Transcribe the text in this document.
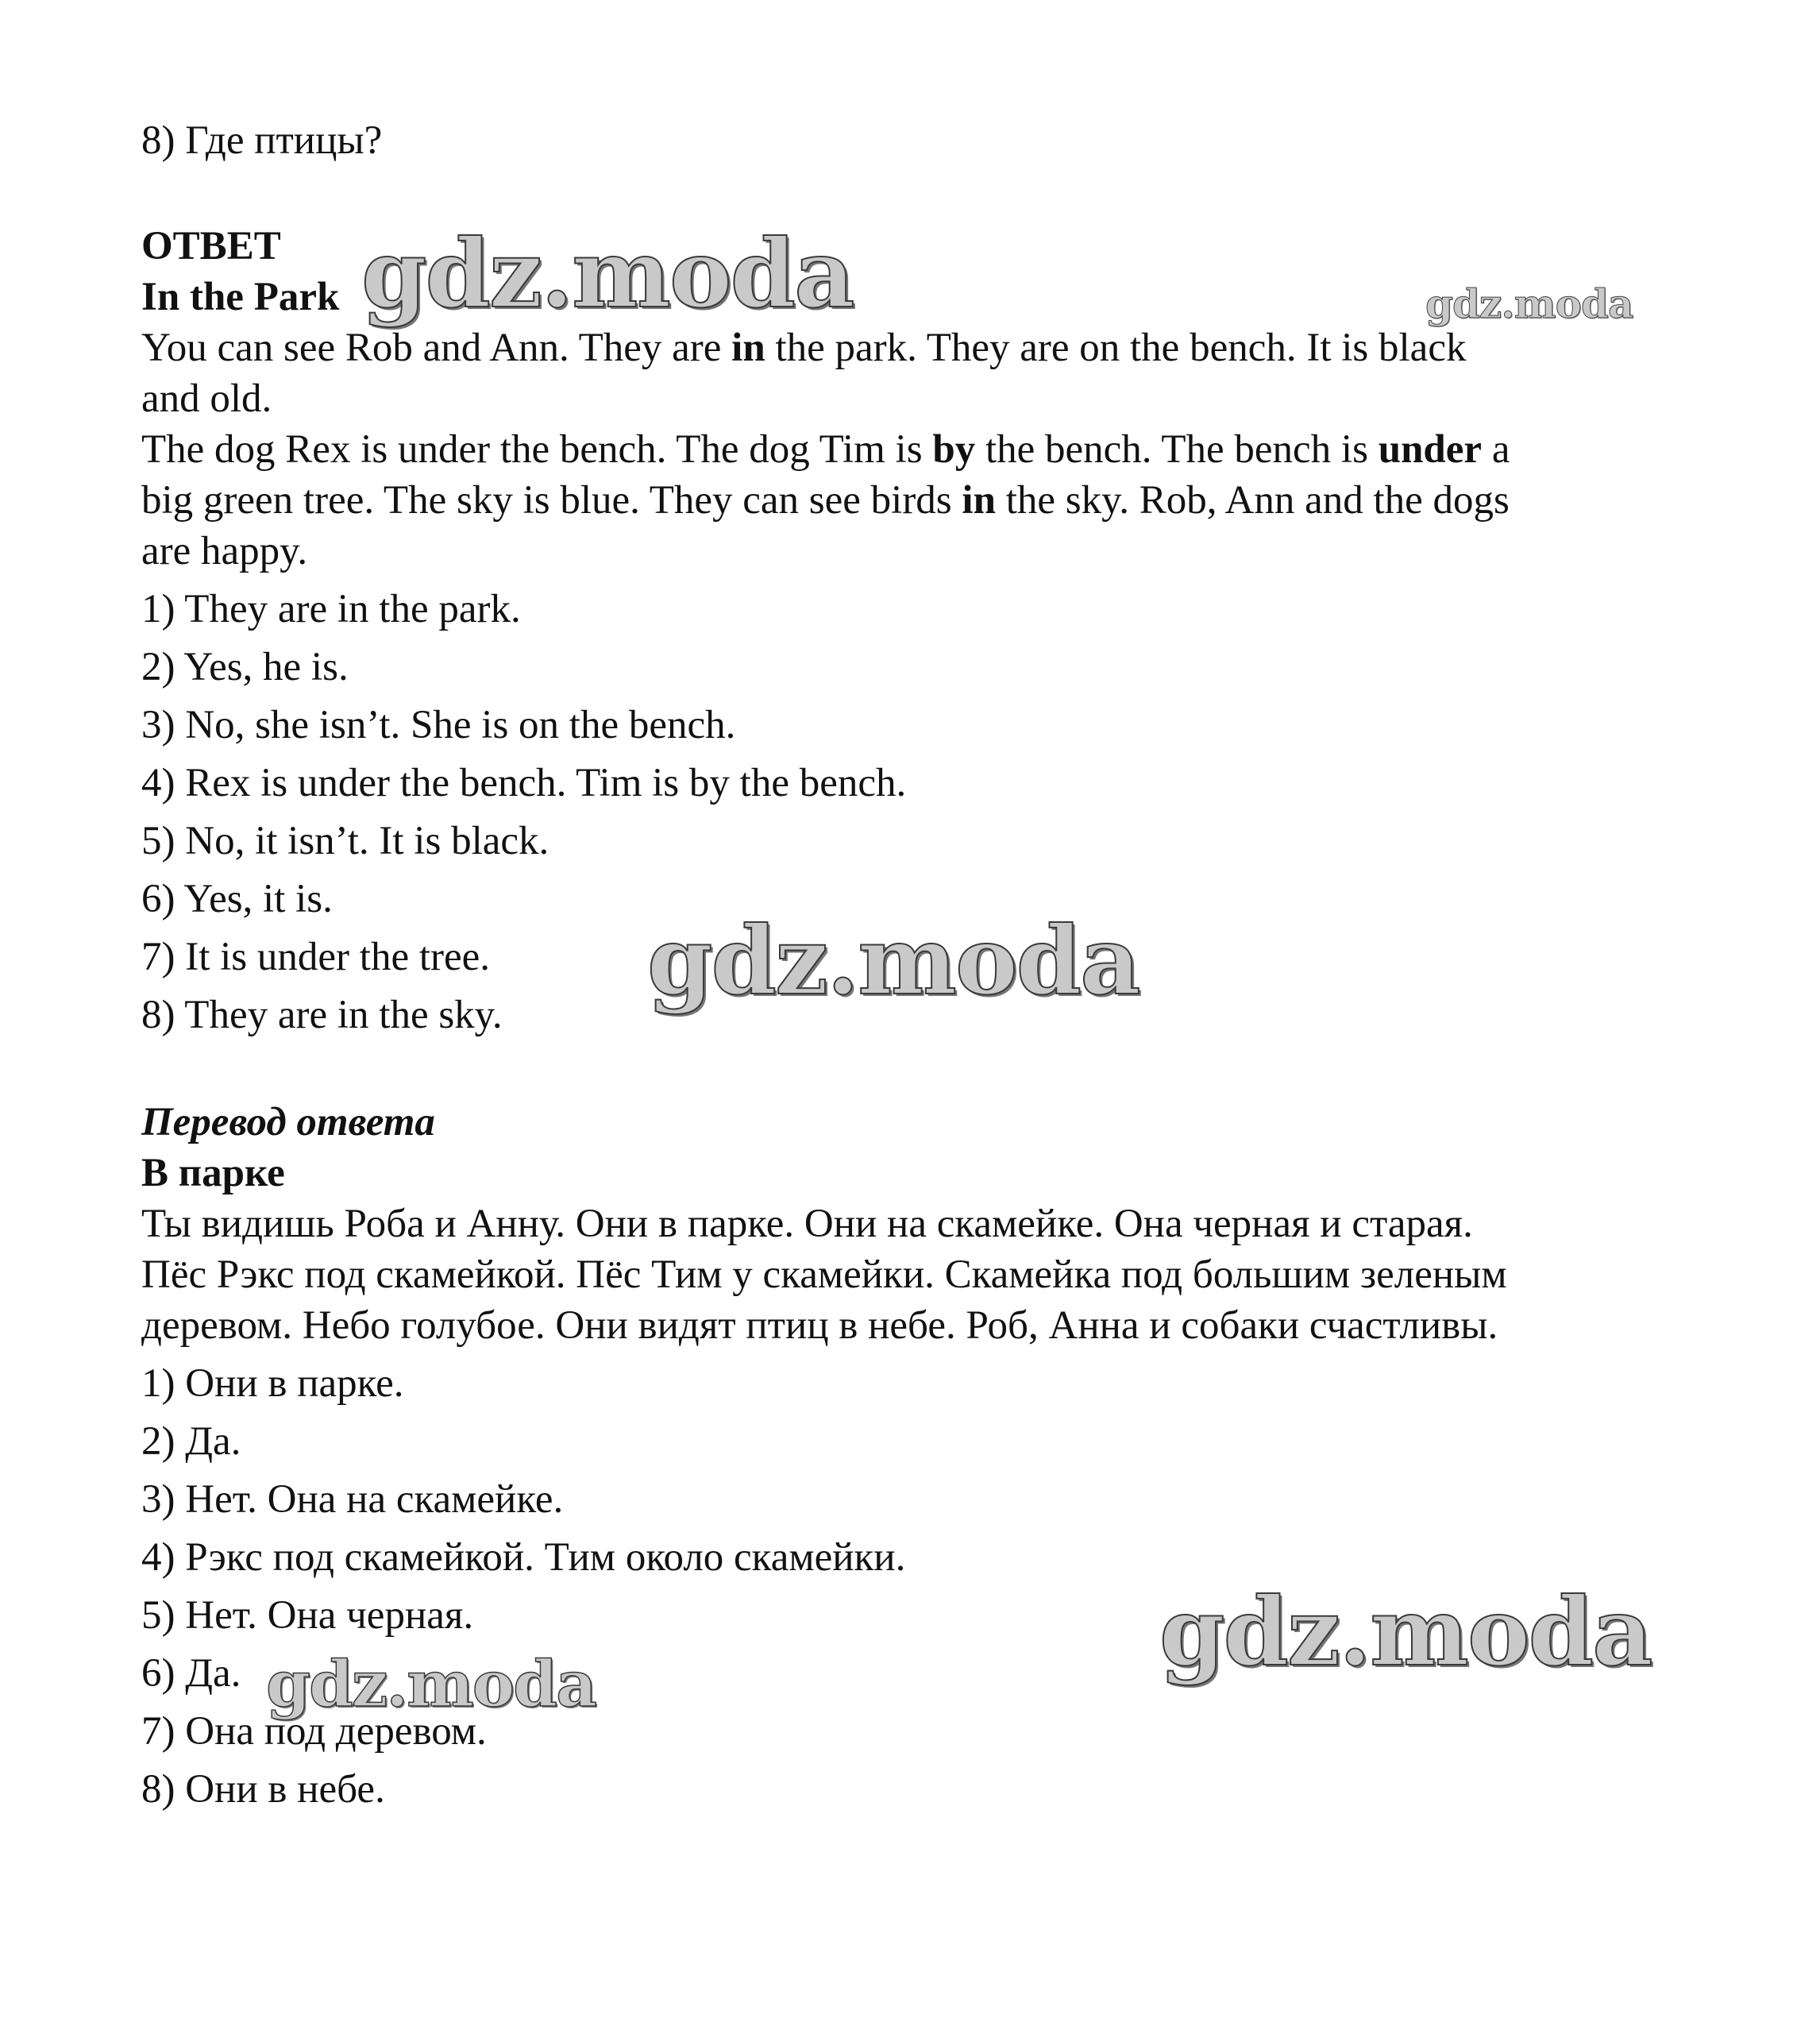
8) Где птицы?

ОТВЕТ

In the Park

You can see Rob and Ann. They are in the park. They are on the bench. It is black

and old.

The dog Rex is under the bench. The dog Tim is by the bench. The bench is under a

big green tree. The sky is blue. They can see birds in the sky. Rob, Ann and the dogs

are happy.

1) They are in the park.

2) Yes, he is.

3) No, she isn’t. She is on the bench.

4) Rex is under the bench. Tim is by the bench.

5) No, it isn’t. It is black.

6) Yes, it is.

7) It is under the tree.

8) They are in the sky.

Перевод ответа

В парке

Ты видишь Роба и Анну. Они в парке. Они на скамейке. Она черная и старая.

Пёс Рэкс под скамейкой. Пёс Тим у скамейки. Скамейка под большим зеленым

деревом. Небо голубое. Они видят птиц в небе. Роб, Анна и собаки счастливы.

1) Они в парке.

2) Да.

3) Нет. Она на скамейке.

4) Рэкс под скамейкой. Тим около скамейки.

5) Нет. Она черная.

6) Да.

7) Она под деревом.

8) Они в небе.

gdz.moda	gdz.moda

gdz.moda

gdz.moda

gdz.moda
